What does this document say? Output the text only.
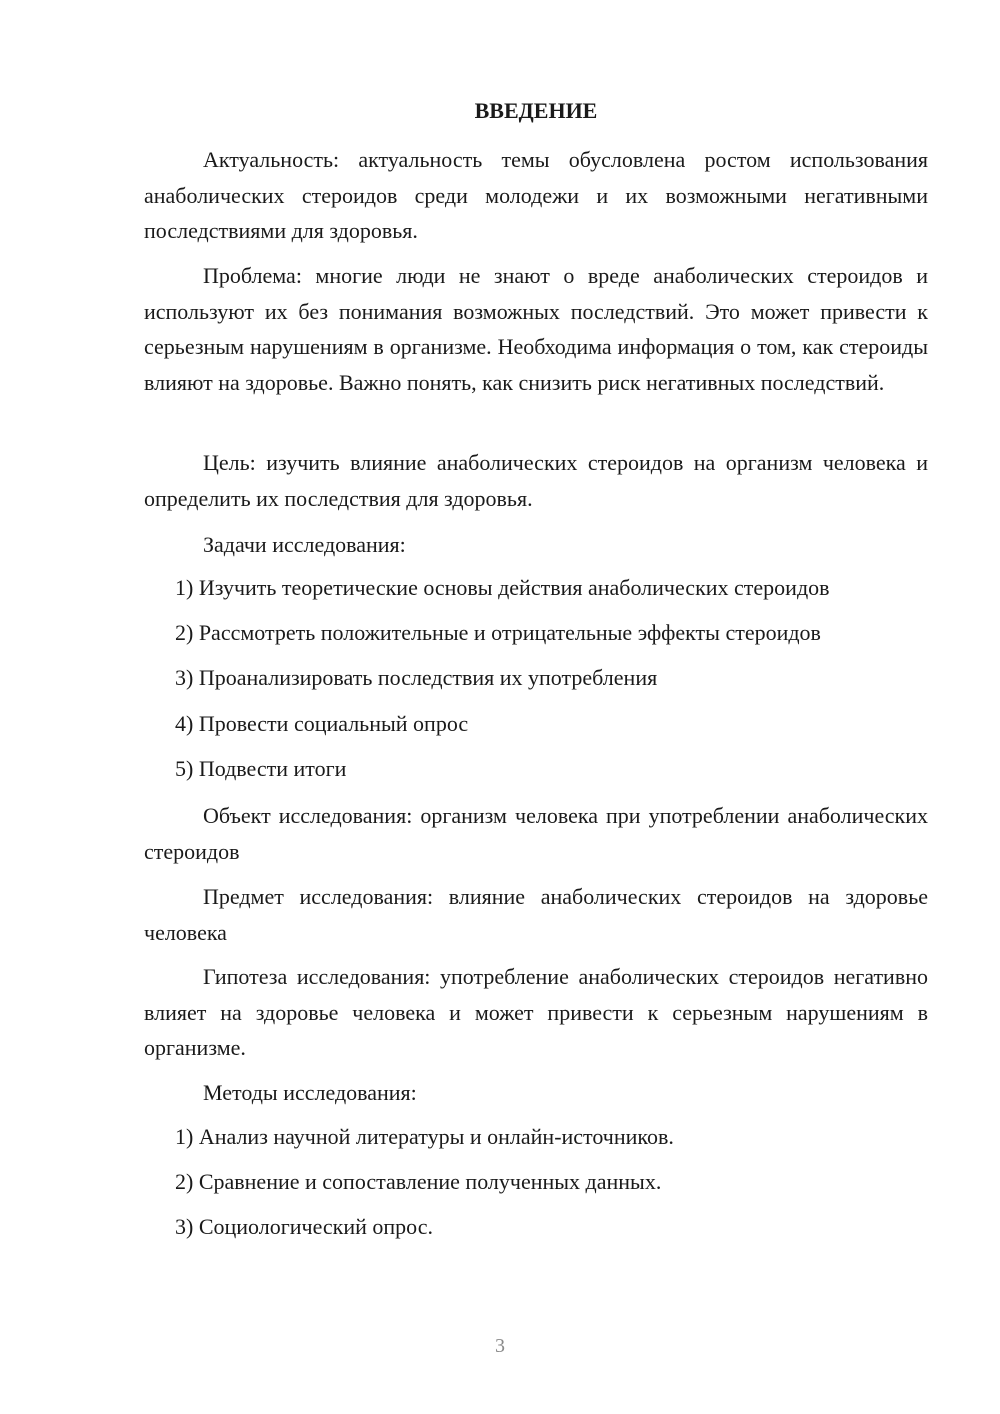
ВВЕДЕНИЕ

Актуальность: актуальность темы обусловлена ростом использования анаболических стероидов среди молодежи и их возможными негативными последствиями для здоровья.

Проблема: многие люди не знают о вреде анаболических стероидов и используют их без понимания возможных последствий. Это может привести к серьезным нарушениям в организме. Необходима информация о том, как стероиды влияют на здоровье. Важно понять, как снизить риск негативных последствий.

Цель: изучить влияние анаболических стероидов на организм человека и определить их последствия для здоровья.

Задачи исследования:

1) Изучить теоретические основы действия анаболических стероидов

2) Рассмотреть положительные и отрицательные эффекты стероидов

3) Проанализировать последствия их употребления

4) Провести социальный опрос

5) Подвести итоги

Объект исследования: организм человека при употреблении анаболических стероидов

Предмет исследования: влияние анаболических стероидов на здоровье человека

Гипотеза исследования: употребление анаболических стероидов негативно влияет на здоровье человека и может привести к серьезным нарушениям в организме.

Методы исследования:

1) Анализ научной литературы и онлайн-источников.

2) Сравнение и сопоставление полученных данных.

3) Социологический опрос.

3
